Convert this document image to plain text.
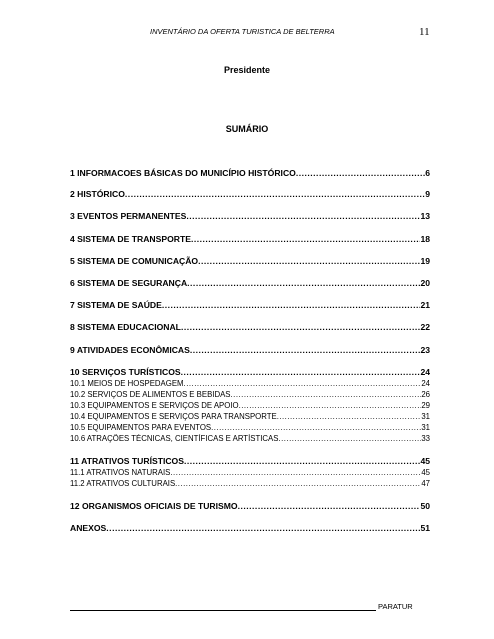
INVENTÁRIO DA OFERTA TURISTICA DE BELTERRA	11
Presidente
SUMÁRIO
1 INFORMACOES BÁSICAS DO MUNICÍPIO HISTÓRICO .....	6
2 HISTÓRICO .....	9
3 EVENTOS PERMANENTES .....	13
4 SISTEMA DE TRANSPORTE .....	18
5 SISTEMA DE COMUNICAÇÃO .....	19
6 SISTEMA DE SEGURANÇA .....	20
7 SISTEMA DE SAÚDE .....	21
8 SISTEMA EDUCACIONAL .....	22
9 ATIVIDADES ECONÔMICAS .....	23
10 SERVIÇOS TURÍSTICOS .....	24
10.1 MEIOS DE HOSPEDAGEM .....	24
10.2 SERVIÇOS DE ALIMENTOS E BEBIDAS .....	26
10.3 EQUIPAMENTOS E SERVIÇOS DE APOIO .....	29
10.4 EQUIPAMENTOS E SERVIÇOS PARA TRANSPORTE .....	31
10.5 EQUIPAMENTOS PARA EVENTOS .....	31
10.6 ATRAÇÕES TÉCNICAS, CIENTÍFICAS E ARTÍSTICAS .....	33
11 ATRATIVOS TURÍSTICOS .....	45
11.1 ATRATIVOS NATURAIS .....	45
11.2 ATRATIVOS CULTURAIS .....	47
12 ORGANISMOS OFICIAIS DE TURISMO .....	50
ANEXOS .....	51
PARATUR
